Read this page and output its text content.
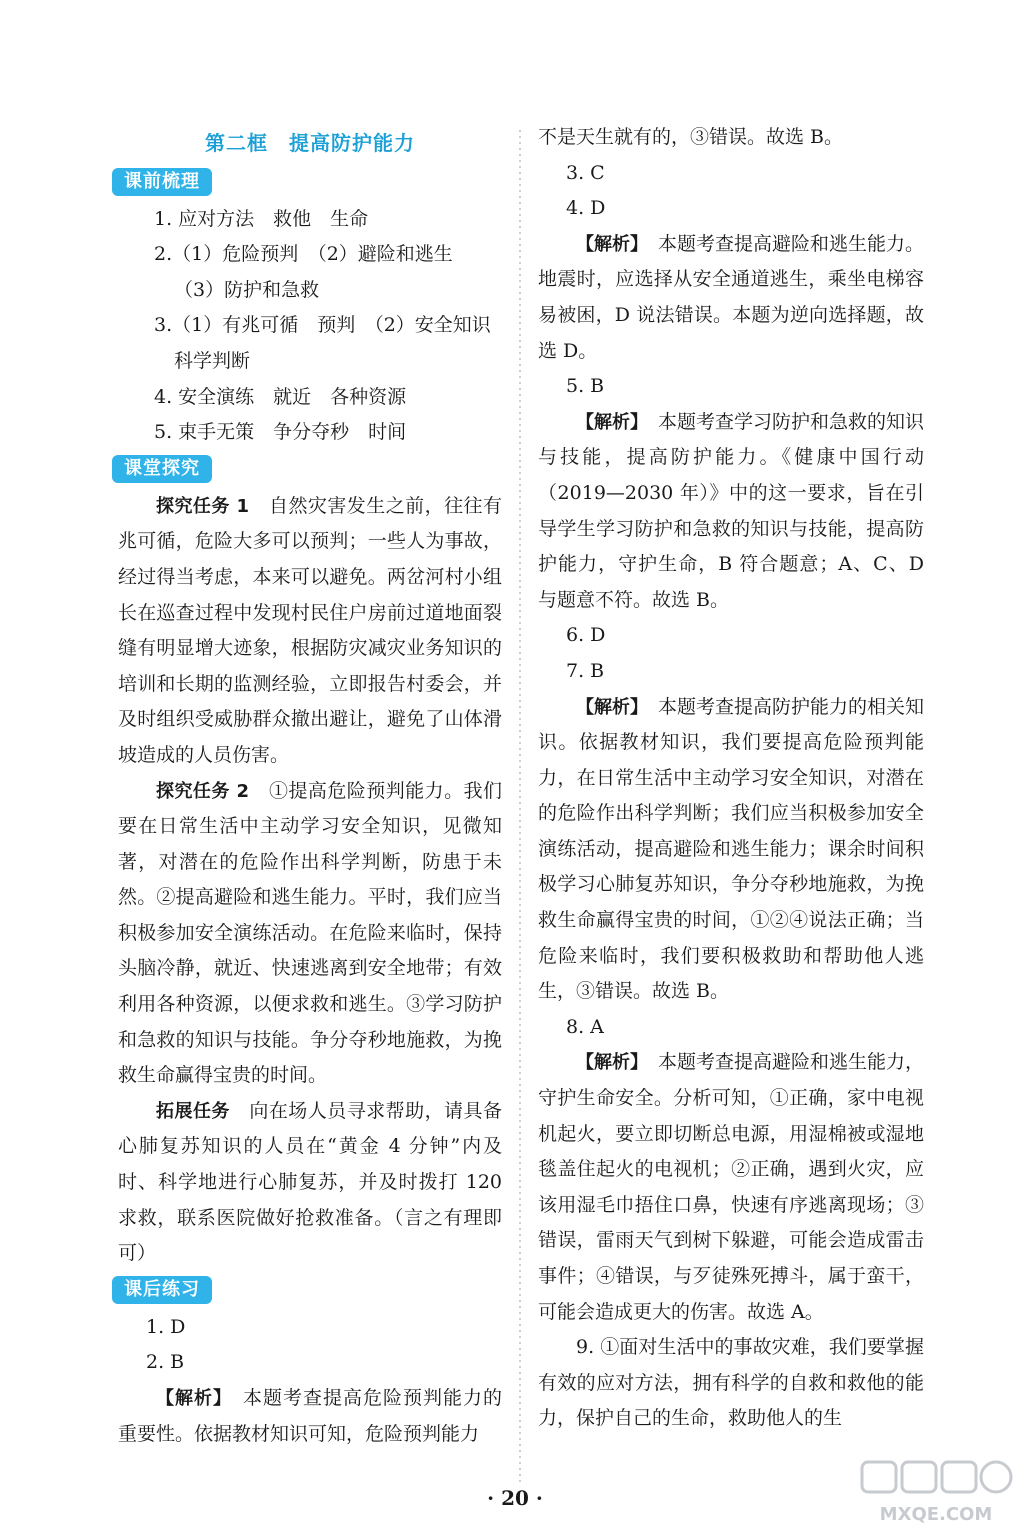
第二框　提高防护能力
课前梳理
1. 应对方法　救他　生命
2.（1）危险预判　（2）避险和逃生
（3）防护和急救
3.（1）有兆可循　预判　（2）安全知识
科学判断
4. 安全演练　就近　各种资源
5. 束手无策　争分夺秒　时间
课堂探究

探究任务 1　自然灾害发生之前，往往有兆可循，危险大多可以预判；一些人为事故，经过得当考虑，本来可以避免。两岔河村小组长在巡查过程中发现村民住户房前过道地面裂缝有明显增大迹象，根据防灾减灾业务知识的培训和长期的监测经验，立即报告村委会，并及时组织受威胁群众撤出避让，避免了山体滑坡造成的人员伤害。

探究任务 2　①提高危险预判能力。我们要在日常生活中主动学习安全知识，见微知著，对潜在的危险作出科学判断，防患于未然。②提高避险和逃生能力。平时，我们应当积极参加安全演练活动。在危险来临时，保持头脑冷静，就近、快速逃离到安全地带；有效利用各种资源，以便求救和逃生。③学习防护和急救的知识与技能。争分夺秒地施救，为挽救生命赢得宝贵的时间。

拓展任务　向在场人员寻求帮助，请具备心肺复苏知识的人员在“黄金 4 分钟”内及时、科学地进行心肺复苏，并及时拨打 120 求救，联系医院做好抢救准备。（言之有理即可）

课后练习
1. D
2. B

【解析】　本题考查提高危险预判能力的重要性。依据教材知识可知，危险预判能力

不是天生就有的，③错误。故选 B。

3. C
4. D

【解析】　本题考查提高避险和逃生能力。地震时，应选择从安全通道逃生，乘坐电梯容易被困，D 说法错误。本题为逆向选择题，故选 D。

5. B

【解析】　本题考查学习防护和急救的知识与技能，提高防护能力。《健康中国行动（2019—2030 年）》中的这一要求，旨在引导学生学习防护和急救的知识与技能，提高防护能力，守护生命，B 符合题意；A、C、D 与题意不符。故选 B。

6. D
7. B

【解析】　本题考查提高防护能力的相关知识。依据教材知识，我们要提高危险预判能力，在日常生活中主动学习安全知识，对潜在的危险作出科学判断；我们应当积极参加安全演练活动，提高避险和逃生能力；课余时间积极学习心肺复苏知识，争分夺秒地施救，为挽救生命赢得宝贵的时间，①②④说法正确；当危险来临时，我们要积极救助和帮助他人逃生，③错误。故选 B。

8. A

【解析】　本题考查提高避险和逃生能力，守护生命安全。分析可知，①正确，家中电视机起火，要立即切断总电源，用湿棉被或湿地毯盖住起火的电视机；②正确，遇到火灾，应该用湿毛巾捂住口鼻，快速有序逃离现场；③错误，雷雨天气到树下躲避，可能会造成雷击事件；④错误，与歹徒殊死搏斗，属于蛮干，可能会造成更大的伤害。故选 A。

9. ①面对生活中的事故灾难，我们要掌握有效的应对方法，拥有科学的自救和救他的能力，保护自己的生命，救助他人的生

· 20 ·
MXQE.COM
